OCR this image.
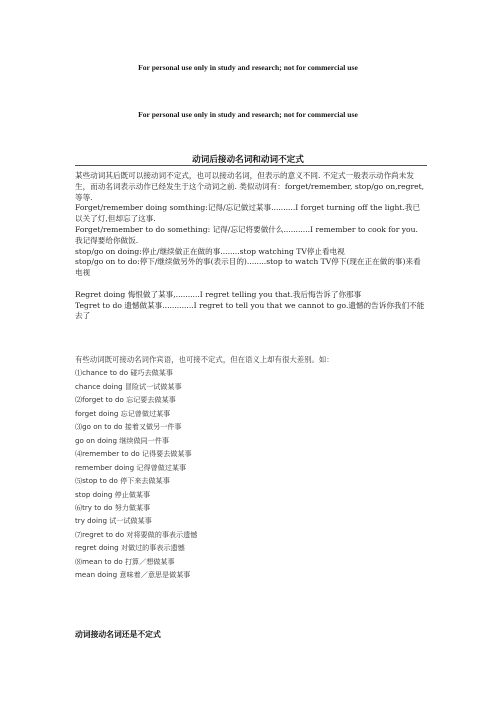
For personal use only in study and research; not for commercial use
For personal use only in study and research; not for commercial use
动词后接动名词和动词不定式

某些动词其后既可以接动词不定式，也可以接动名词，但表示的意义不同. 不定式一般表示动作尚未发生，而动名词表示动作已经发生于这个动词之前. 类似动词有：forget/remember, stop/go on,regret,等等.

Forget/remember doing somthing:记得/忘记做过某事..........I forget turning off the light.我已以关了灯,但却忘了这事.

Forget/remember to do something: 记得/忘记将要做什么...........I remember to cook for you. 我记得要给你做饭.

stop/go on doing:停止/继续做正在做的事........stop watching TV停止看电视

stop/go on to do:停下/继续做另外的事(表示目的)........stop to watch TV停下(现在正在做的事)来看电视

Regret doing 悔恨做了某事,..........I regret telling you that.我后悔告诉了你那事

Tegret to do 遗憾做某事.............I regret to tell you that we cannot to go.遗憾的告诉你我们不能去了

有些动词既可接动名词作宾语，也可接不定式，但在语义上却有很大差别。如：
⑴chance to do 碰巧去做某事
chance doing 冒险试一试做某事
⑵forget to do 忘记要去做某事
forget doing 忘记曾做过某事
⑶go on to do 接着又做另一件事
go on doing 继续做同一件事
⑷remember to do 记得要去做某事
remember doing 记得曾做过某事
⑸stop to do 停下来去做某事
stop doing 停止做某事
⑹try to do 努力做某事
try doing 试一试做某事
⑺regret to do 对将要做的事表示遗憾
regret doing 对做过的事表示遗憾
⑻mean to do 打算／想做某事
mean doing 意味着／意思是做某事
动词接动名词还是不定式
